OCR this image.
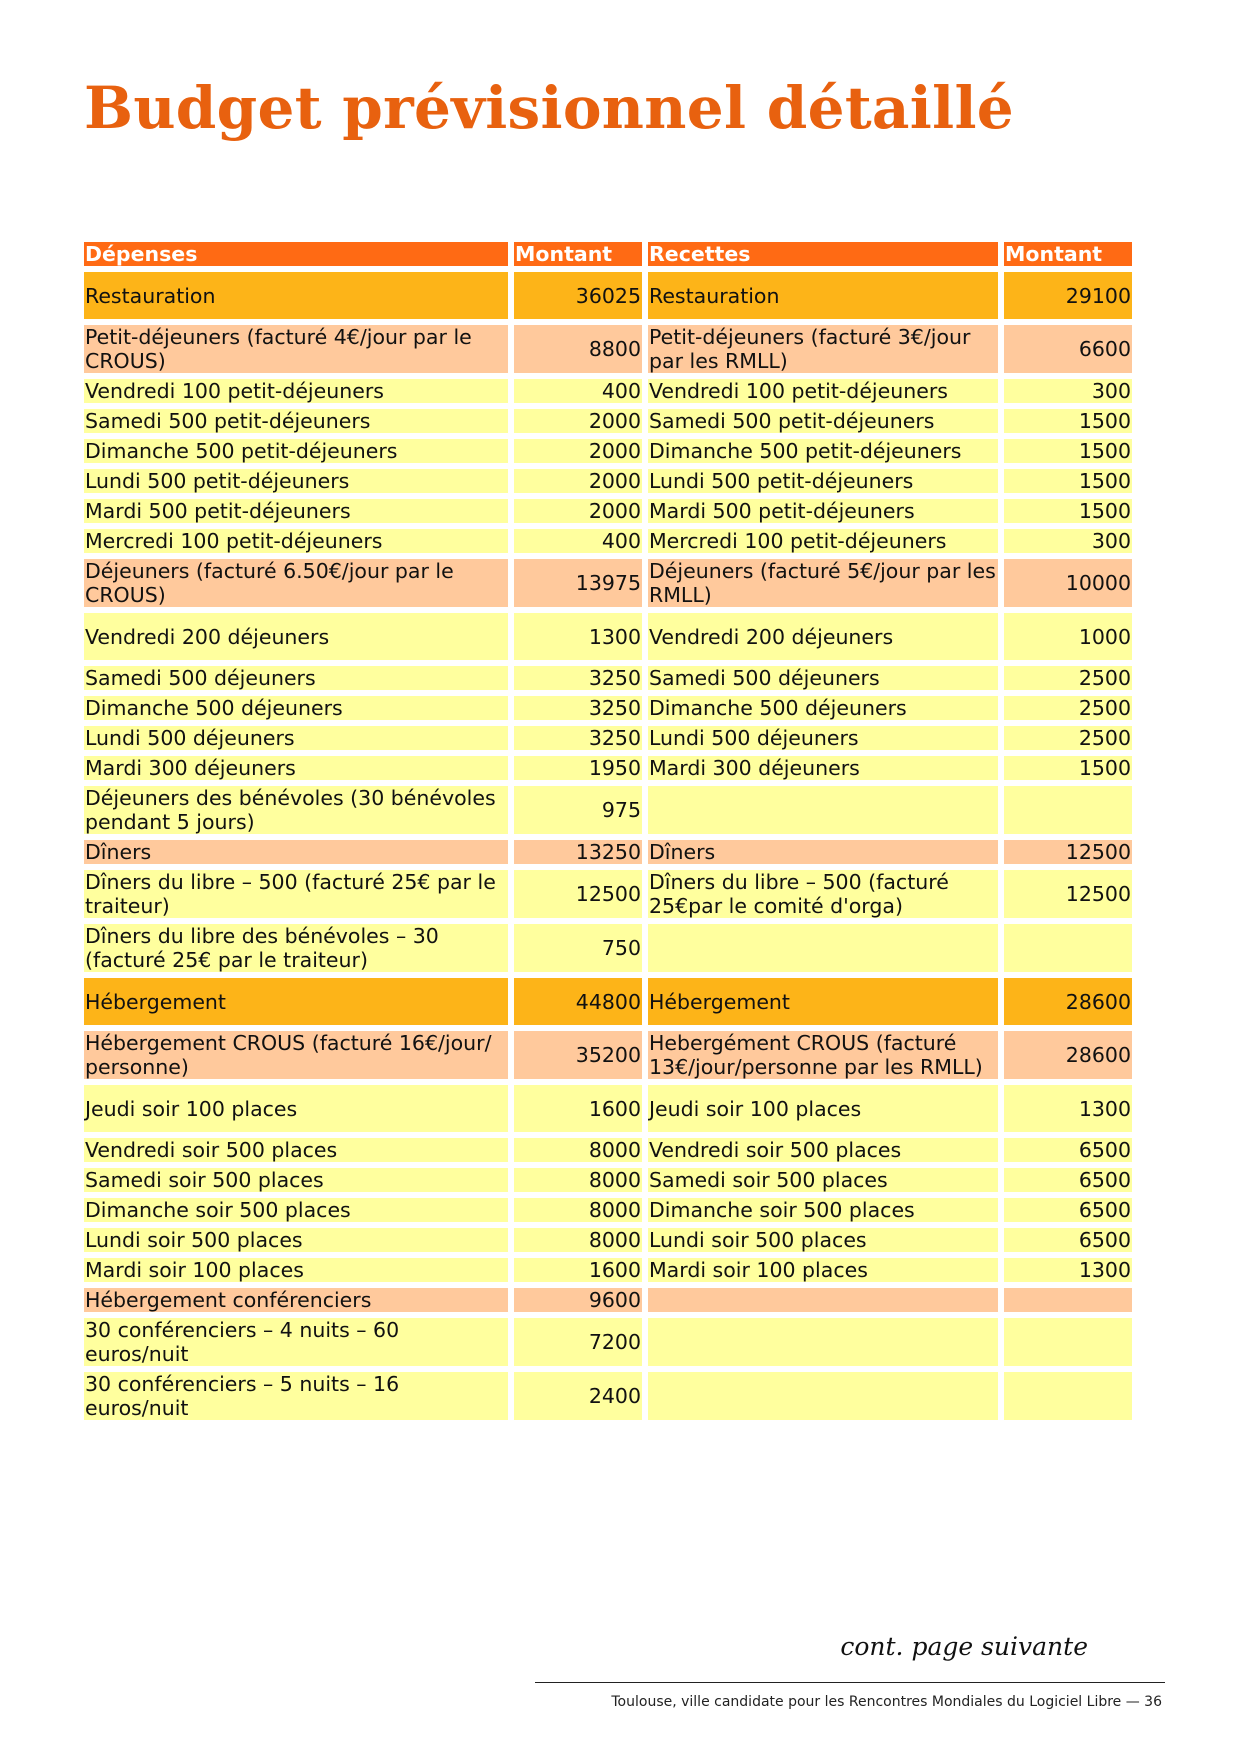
Budget prévisionnel détaillé
Dépenses	Montant	Recettes	Montant
Restauration	36025	Restauration	29100
Petit-déjeuners (facturé 4€/jour par le CROUS)	8800	Petit-déjeuners (facturé 3€/jour par les RMLL)	6600
Vendredi 100 petit-déjeuners	400	Vendredi 100 petit-déjeuners	300
Samedi 500 petit-déjeuners	2000	Samedi 500 petit-déjeuners	1500
Dimanche 500 petit-déjeuners	2000	Dimanche 500 petit-déjeuners	1500
Lundi 500 petit-déjeuners	2000	Lundi 500 petit-déjeuners	1500
Mardi 500 petit-déjeuners	2000	Mardi 500 petit-déjeuners	1500
Mercredi 100 petit-déjeuners	400	Mercredi 100 petit-déjeuners	300
Déjeuners (facturé 6.50€/jour par le CROUS)	13975	Déjeuners (facturé 5€/jour par les RMLL)	10000
Vendredi 200 déjeuners	1300	Vendredi 200 déjeuners	1000
Samedi 500 déjeuners	3250	Samedi 500 déjeuners	2500
Dimanche 500 déjeuners	3250	Dimanche 500 déjeuners	2500
Lundi 500 déjeuners	3250	Lundi 500 déjeuners	2500
Mardi 300 déjeuners	1950	Mardi 300 déjeuners	1500
Déjeuners des bénévoles (30 bénévoles pendant 5 jours)	975		
Dîners	13250	Dîners	12500
Dîners du libre – 500 (facturé 25€ par le traiteur)	12500	Dîners du libre – 500 (facturé 25€par le comité d'orga)	12500
Dîners du libre des bénévoles – 30 (facturé 25€ par le traiteur)	750		
Hébergement	44800	Hébergement	28600
Hébergement CROUS (facturé 16€/jour/ personne)	35200	Hebergément CROUS (facturé 13€/jour/personne par les RMLL)	28600
Jeudi soir 100 places	1600	Jeudi soir 100 places	1300
Vendredi soir 500 places	8000	Vendredi soir 500 places	6500
Samedi soir 500 places	8000	Samedi soir 500 places	6500
Dimanche soir 500 places	8000	Dimanche soir 500 places	6500
Lundi soir 500 places	8000	Lundi soir 500 places	6500
Mardi soir 100 places	1600	Mardi soir 100 places	1300
Hébergement conférenciers	9600		
30 conférenciers – 4 nuits – 60 euros/nuit	7200		
30 conférenciers – 5 nuits – 16 euros/nuit	2400		
cont. page suivante
Toulouse, ville candidate pour les Rencontres Mondiales du Logiciel Libre — 36
